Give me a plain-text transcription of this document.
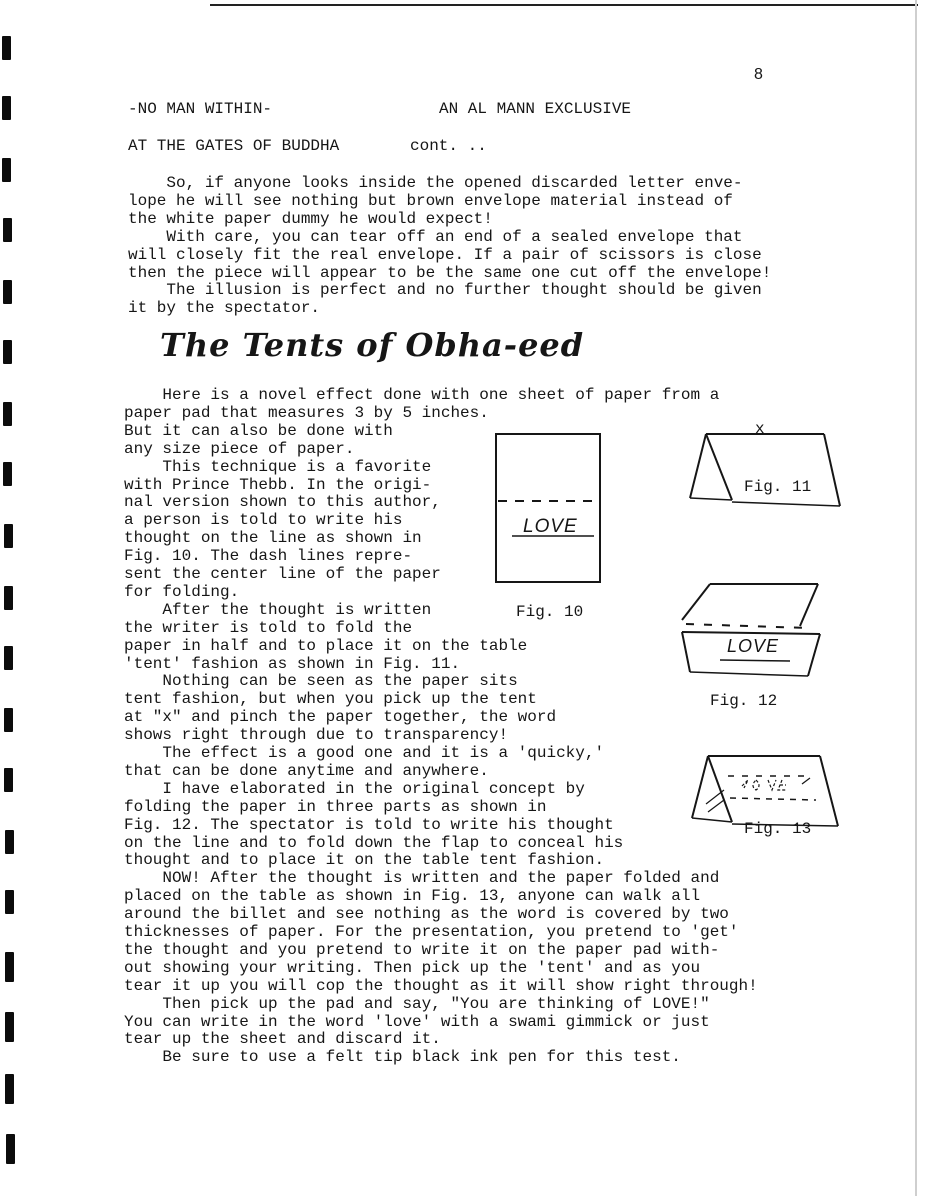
8
-NO MAN WITHIN-	AN AL MANN EXCLUSIVE
AT THE GATES OF BUDDHA	cont. ..
So, if anyone looks inside the opened discarded letter enve-
lope he will see nothing but brown envelope material instead of
the white paper dummy he would expect!
With care, you can tear off an end of a sealed envelope that
will closely fit the real envelope. If a pair of scissors is close
then the piece will appear to be the same one cut off the envelope!
The illusion is perfect and no further thought should be given
it by the spectator.
The Tents of Obha-eed
Here is a novel effect done with one sheet of paper from a
paper pad that measures 3 by 5 inches.
But it can also be done with
any size piece of paper.
This technique is a favorite
with Prince Thebb. In the origi-
nal version shown to this author,
a person is told to write his
thought on the line as shown in
Fig. 10. The dash lines repre-
sent the center line of the paper
for folding.
After the thought is written
the writer is told to fold the
paper in half and to place it on the table
'tent' fashion as shown in Fig. 11.
Nothing can be seen as the paper sits
tent fashion, but when you pick up the tent
at "x" and pinch the paper together, the word
shows right through due to transparency!
The effect is a good one and it is a 'quicky,'
that can be done anytime and anywhere.
I have elaborated in the original concept by
folding the paper in three parts as shown in
Fig. 12. The spectator is told to write his thought
on the line and to fold down the flap to conceal his
thought and to place it on the table tent fashion.
NOW! After the thought is written and the paper folded and
placed on the table as shown in Fig. 13, anyone can walk all
around the billet and see nothing as the word is covered by two
thicknesses of paper. For the presentation, you pretend to 'get'
the thought and you pretend to write it on the paper pad with-
out showing your writing. Then pick up the 'tent' and as you
tear it up you will cop the thought as it will show right through!
Then pick up the pad and say, "You are thinking of LOVE!"
You can write in the word 'love' with a swami gimmick or just
tear up the sheet and discard it.
Be sure to use a felt tip black ink pen for this test.
LOVE
Fig. 10
x
Fig. 11
LOVE
Fig. 12
Fig. 13
